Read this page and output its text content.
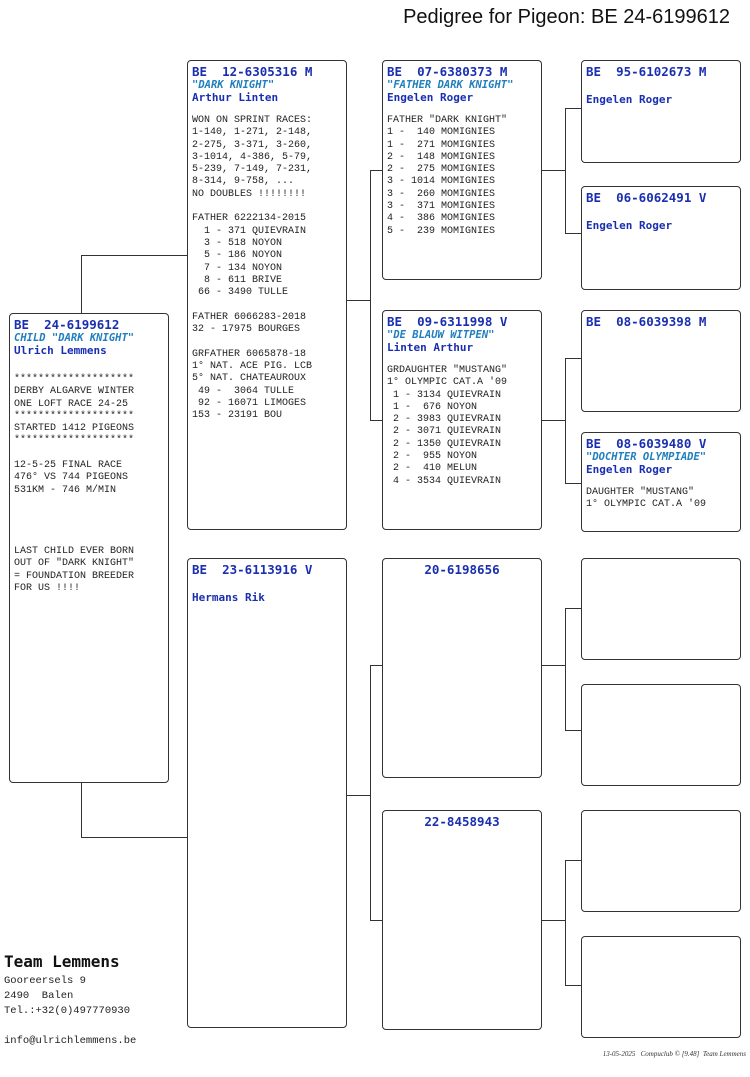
Pedigree for Pigeon: BE 24-6199612
BE  24-6199612
CHILD "DARK KNIGHT"
Ulrich Lemmens
********************
DERBY ALGARVE WINTER
ONE LOFT RACE 24-25
********************
STARTED 1412 PIGEONS
********************

12-5-25 FINAL RACE
476° VS 744 PIGEONS
531KM - 746 M/MIN

LAST CHILD EVER BORN
OUT OF "DARK KNIGHT"
= FOUNDATION BREEDER
FOR US !!!!
BE  12-6305316 M
"DARK KNIGHT"
Arthur Linten
WON ON SPRINT RACES:
1-140, 1-271, 2-148,
2-275, 3-371, 3-260,
3-1014, 4-386, 5-79,
5-239, 7-149, 7-231,
8-314, 9-758, ...
NO DOUBLES !!!!!!!!

FATHER 6222134-2015
1 - 371 QUIEVRAIN
3 - 518 NOYON
5 - 186 NOYON
7 - 134 NOYON
8 - 611 BRIVE
66 - 3490 TULLE

FATHER 6066283-2018
32 - 17975 BOURGES

GRFATHER 6065878-18
1° NAT. ACE PIG. LCB
5° NAT. CHATEAUROUX
49 -  3064 TULLE
92 - 16071 LIMOGES
153 - 23191 BOU
BE  23-6113916 V
Hermans Rik
BE  07-6380373 M
"FATHER DARK KNIGHT"
Engelen Roger
FATHER "DARK KNIGHT"
1 -  140 MOMIGNIES
1 -  271 MOMIGNIES
2 -  148 MOMIGNIES
2 -  275 MOMIGNIES
3 - 1014 MOMIGNIES
3 -  260 MOMIGNIES
3 -  371 MOMIGNIES
4 -  386 MOMIGNIES
5 -  239 MOMIGNIES
BE  09-6311998 V
"DE BLAUW WITPEN"
Linten Arthur
GRDAUGHTER "MUSTANG"
1° OLYMPIC CAT.A '09
1 - 3134 QUIEVRAIN
1 -  676 NOYON
2 - 3983 QUIEVRAIN
2 - 3071 QUIEVRAIN
2 - 1350 QUIEVRAIN
2 -  955 NOYON
2 -  410 MELUN
4 - 3534 QUIEVRAIN
20-6198656
22-8458943
BE  95-6102673 M
Engelen Roger
BE  06-6062491 V
Engelen Roger
BE  08-6039398 M
BE  08-6039480 V
"DOCHTER OLYMPIADE"
Engelen Roger
DAUGHTER "MUSTANG"
1° OLYMPIC CAT.A '09
Team Lemmens
Gooreersels 9
2490  Balen
Tel.:+32(0)497770930
info@ulrichlemmens.be
13-05-2025   Compuclub © [9.48]  Team Lemmens
